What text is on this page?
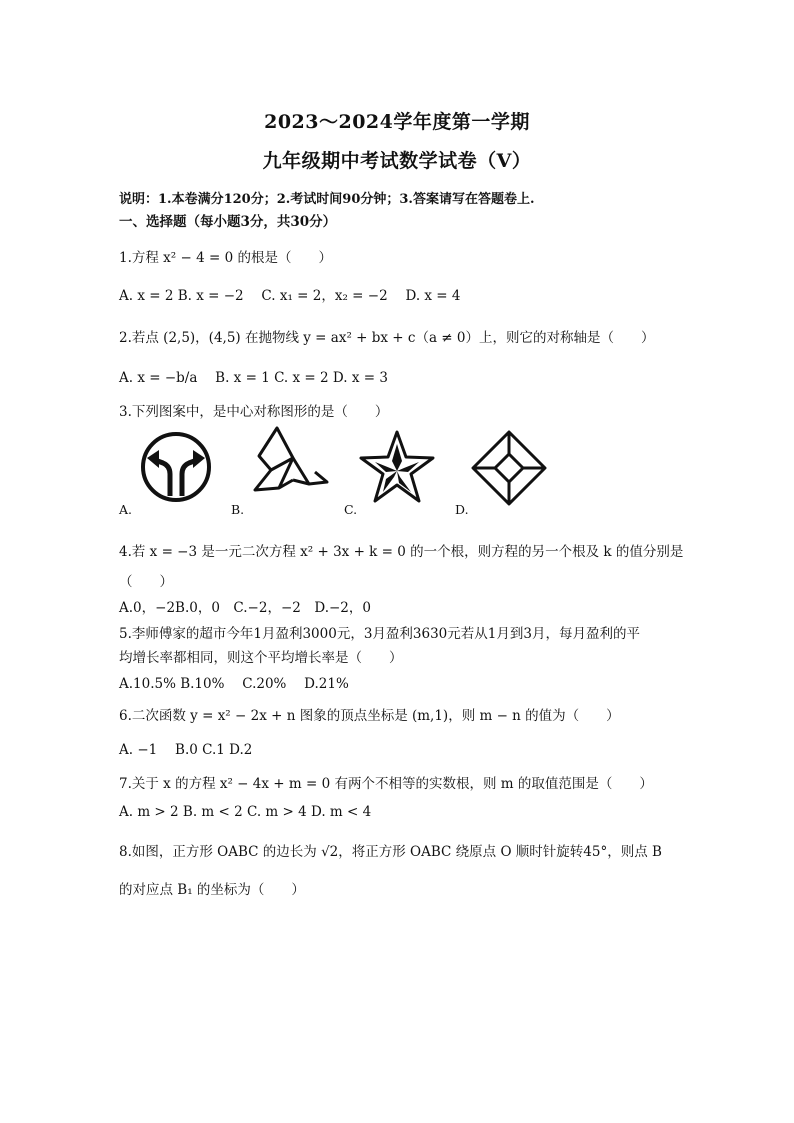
2023～2024学年度第一学期
九年级期中考试数学试卷（V）
说明：1.本卷满分120分；2.考试时间90分钟；3.答案请写在答题卷上.
一、选择题（每小题3分，共30分）
1.方程 x² − 4 = 0 的根是（　　）
A. x = 2 B. x = −2　 C. x₁ = 2，x₂ = −2　 D. x = 4
2.若点 (2,5)，(4,5) 在抛物线 y = ax² + bx + c（a ≠ 0）上，则它的对称轴是（　　）
A. x = −b/a　 B. x = 1 C. x = 2 D. x = 3
3.下列图案中，是中心对称图形的是（　　）
A.	B.	C.	D.
4.若 x = −3 是一元二次方程 x² + 3x + k = 0 的一个根，则方程的另一个根及 k 的值分别是
（　　）
A.0，−2B.0，0　C.−2，−2　D.−2，0
5.李师傅家的超市今年1月盈利3000元，3月盈利3630元若从1月到3月，每月盈利的平
均增长率都相同，则这个平均增长率是（　　）
A.10.5% B.10%　 C.20%　 D.21%
6.二次函数 y = x² − 2x + n 图象的顶点坐标是 (m,1)，则 m − n 的值为（　　）
A. −1　 B.0 C.1 D.2
7.关于 x 的方程 x² − 4x + m = 0 有两个不相等的实数根，则 m 的取值范围是（　　）
A. m > 2 B. m < 2 C. m > 4 D. m < 4
8.如图，正方形 OABC 的边长为 √2，将正方形 OABC 绕原点 O 顺时针旋转45°，则点 B
的对应点 B₁ 的坐标为（　　）
